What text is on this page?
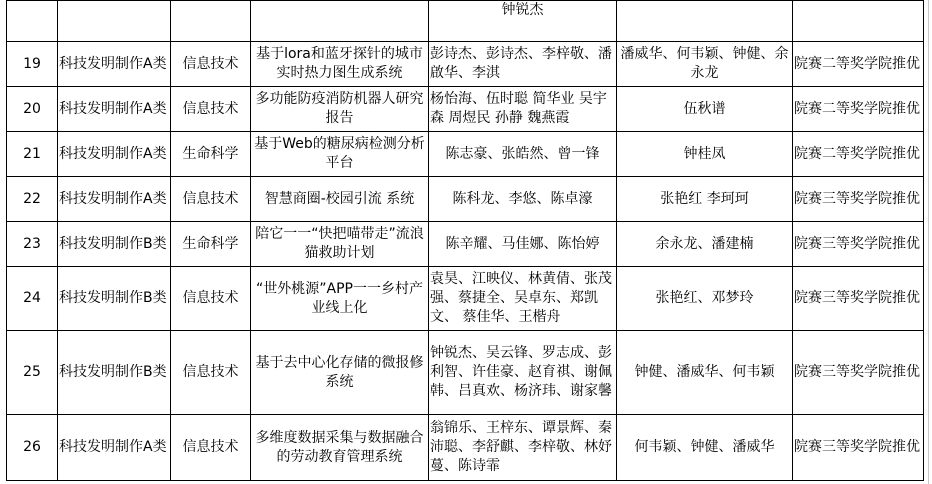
				钟锐杰		
19	科技发明制作A类	信息技术	基于lora和蓝牙探针的城市实时热力图生成系统	彭诗杰、彭诗杰、李梓敬、潘啟华、李淇	潘威华、何韦颖、钟健、余永龙	院赛二等奖学院推优
20	科技发明制作A类	信息技术	多功能防疫消防机器人研究报告	杨怡海、伍时聪 简华业 吴宇森 周煜民 孙静 魏燕霞	伍秋谱	院赛二等奖学院推优
21	科技发明制作A类	生命科学	基于Web的糖尿病检测分析平台	陈志豪、张皓然、曾一锋	钟桂凤	院赛二等奖学院推优
22	科技发明制作A类	信息技术	智慧商圈-校园引流 系统	陈科龙、李悠、陈卓濠	张艳红 李珂珂	院赛三等奖学院推优
23	科技发明制作B类	生命科学	陪它一一“快把喵带走”流浪猫救助计划	陈辛耀、马佳娜、陈怡婷	余永龙、潘建楠	院赛三等奖学院推优
24	科技发明制作B类	信息技术	“世外桃源”APP一一乡村产业线上化	袁昊、江映仪、林黄倩、张茂强、蔡捷全、吴卓东、郑凯文、 蔡佳华、王楷舟	张艳红、邓梦玲	院赛三等奖学院推优
25	科技发明制作B类	信息技术	基于去中心化存储的微报修系统	钟锐杰、吴云锋、罗志成、彭利智、许佳豪、赵育祺、谢佩韩、吕真欢、杨济玮、谢家馨	钟健、潘威华、何韦颖	院赛三等奖学院推优
26	科技发明制作A类	信息技术	多维度数据采集与数据融合的劳动教育管理系统	翁锦乐、王梓东、谭景辉、秦沛聪、李舒麒、李梓敬、林妤蔓、陈诗霏	何韦颖、钟健、潘威华	院赛三等奖学院推优
